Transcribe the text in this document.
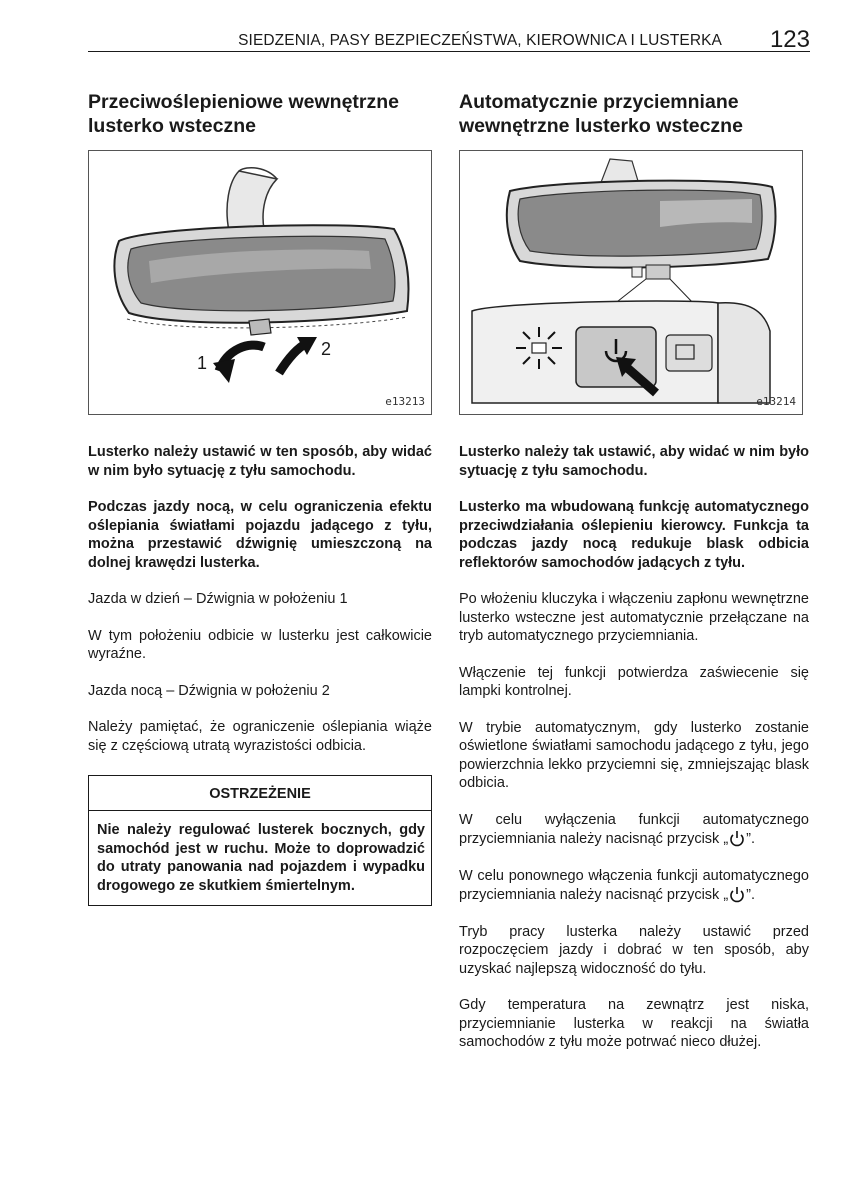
SIEDZENIA, PASY BEZPIECZEŃSTWA, KIEROWNICA I LUSTERKA 123
Przeciwoślepieniowe wewnętrzne lusterko wsteczne
1
2
e13213

Lusterko należy ustawić w ten sposób, aby widać w nim było sytuację z tyłu samochodu.

Podczas jazdy nocą, w celu ograniczenia efektu oślepiania światłami pojazdu jadącego z tyłu, można przestawić dźwignię umieszczoną na dolnej krawędzi lusterka.

Jazda w dzień – Dźwignia w położeniu 1

W tym położeniu odbicie w lusterku jest całkowicie wyraźne.

Jazda nocą – Dźwignia w położeniu 2

Należy pamiętać, że ograniczenie oślepiania wiąże się z częściową utratą wyrazistości odbicia.

OSTRZEŻENIE

Nie należy regulować lusterek bocznych, gdy samochód jest w ruchu. Może to doprowadzić do utraty panowania nad pojazdem i wypadku drogowego ze skutkiem śmiertelnym.

Automatycznie przyciemniane wewnętrzne lusterko wsteczne
e13214

Lusterko należy tak ustawić, aby widać w nim było sytuację z tyłu samochodu.

Lusterko ma wbudowaną funkcję automatycznego przeciwdziałania oślepieniu kierowcy. Funkcja ta podczas jazdy nocą redukuje blask odbicia reflektorów samochodów jadących z tyłu.

Po włożeniu kluczyka i włączeniu zapłonu wewnętrzne lusterko wsteczne jest automatycznie przełączane na tryb automatycznego przyciemniania.

Włączenie tej funkcji potwierdza zaświecenie się lampki kontrolnej.

W trybie automatycznym, gdy lusterko zostanie oświetlone światłami samochodu jadącego z tyłu, jego powierzchnia lekko przyciemni się, zmniejszając blask odbicia.

W celu wyłączenia funkcji automatycznego przyciemniania należy nacisnąć przycisk „ ”.

W celu ponownego włączenia funkcji automatycznego przyciemniania należy nacisnąć przycisk „ ”.

Tryb pracy lusterka należy ustawić przed rozpoczęciem jazdy i dobrać w ten sposób, aby uzyskać najlepszą widoczność do tyłu.

Gdy temperatura na zewnątrz jest niska, przyciemnianie lusterka w reakcji na światła samochodów z tyłu może potrwać nieco dłużej.
